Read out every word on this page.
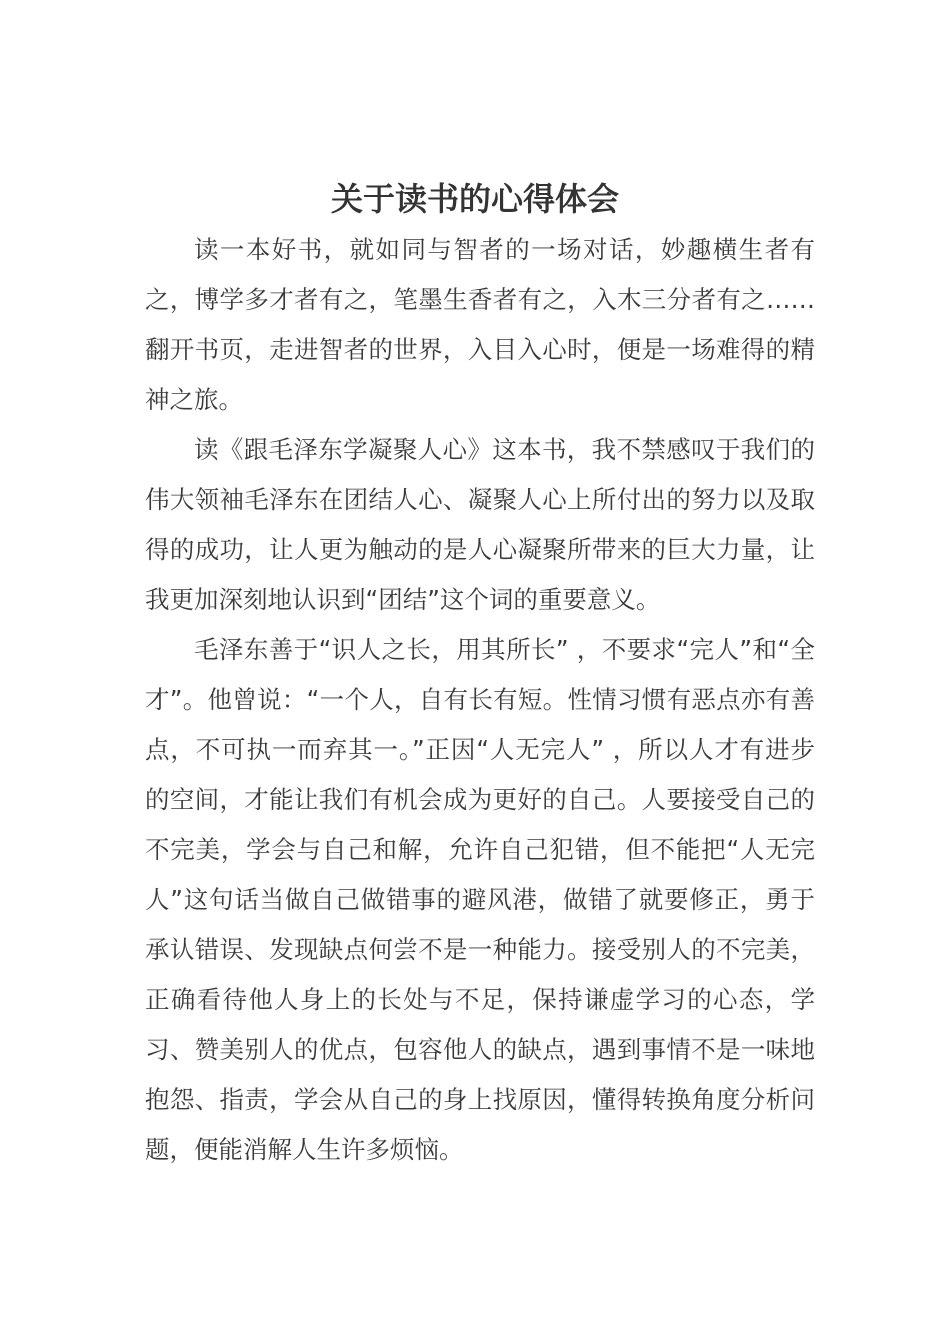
关于读书的心得体会

读一本好书，就如同与智者的一场对话，妙趣横生者有之，博学多才者有之，笔墨生香者有之，入木三分者有之……翻开书页，走进智者的世界，入目入心时，便是一场难得的精神之旅。

读《跟毛泽东学凝聚人心》这本书，我不禁感叹于我们的伟大领袖毛泽东在团结人心、凝聚人心上所付出的努力以及取得的成功，让人更为触动的是人心凝聚所带来的巨大力量，让我更加深刻地认识到“团结”这个词的重要意义。

毛泽东善于“识人之长，用其所长” ，不要求“完人”和“全才”。他曾说：“一个人，自有长有短。性情习惯有恶点亦有善点，不可执一而弃其一。”正因“人无完人” ，所以人才有进步的空间，才能让我们有机会成为更好的自己。人要接受自己的不完美，学会与自己和解，允许自己犯错，但不能把“人无完人”这句话当做自己做错事的避风港，做错了就要修正，勇于承认错误、发现缺点何尝不是一种能力。接受别人的不完美，正确看待他人身上的长处与不足，保持谦虚学习的心态，学习、赞美别人的优点，包容他人的缺点，遇到事情不是一味地抱怨、指责，学会从自己的身上找原因，懂得转换角度分析问题，便能消解人生许多烦恼。
